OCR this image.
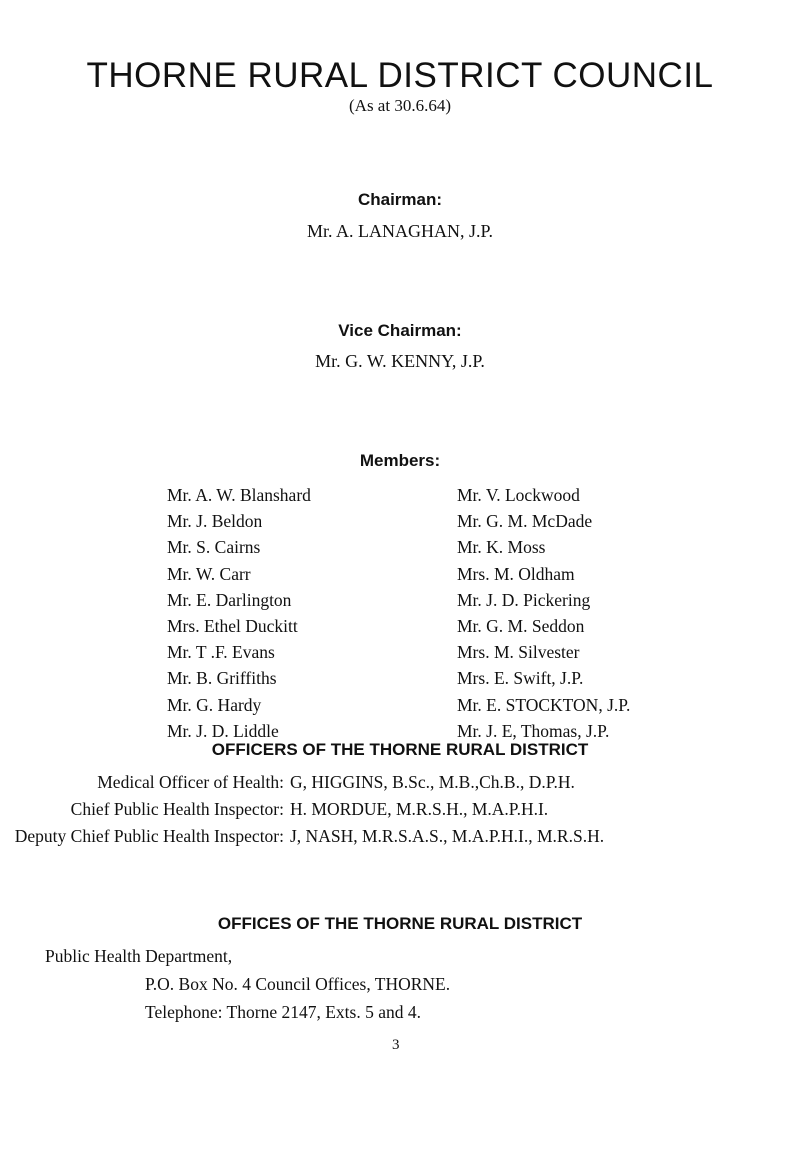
THORNE RURAL DISTRICT COUNCIL
(As at 30.6.64)
Chairman:
Mr. A. LANAGHAN, J.P.
Vice Chairman:
Mr. G. W. KENNY, J.P.
Members:
Mr. A. W. Blanshard
Mr. J. Beldon
Mr. S. Cairns
Mr. W. Carr
Mr. E. Darlington
Mrs. Ethel Duckitt
Mr. T .F. Evans
Mr. B. Griffiths
Mr. G. Hardy
Mr. J. D. Liddle
Mr. V. Lockwood
Mr. G. M. McDade
Mr. K. Moss
Mrs. M. Oldham
Mr. J. D. Pickering
Mr. G. M. Seddon
Mrs. M. Silvester
Mrs. E. Swift, J.P.
Mr. E. STOCKTON, J.P.
Mr. J. E, Thomas, J.P.
OFFICERS OF THE THORNE RURAL DISTRICT
Medical Officer of Health: G, HIGGINS, B.Sc., M.B.,Ch.B., D.P.H.
Chief Public Health Inspector: H. MORDUE, M.R.S.H., M.A.P.H.I.
Deputy Chief Public Health Inspector: J, NASH, M.R.S.A.S., M.A.P.H.I., M.R.S.H.
OFFICES OF THE THORNE RURAL DISTRICT
Public Health Department,
P.O. Box No. 4 Council Offices, THORNE.
Telephone: Thorne 2147, Exts. 5 and 4.
3
